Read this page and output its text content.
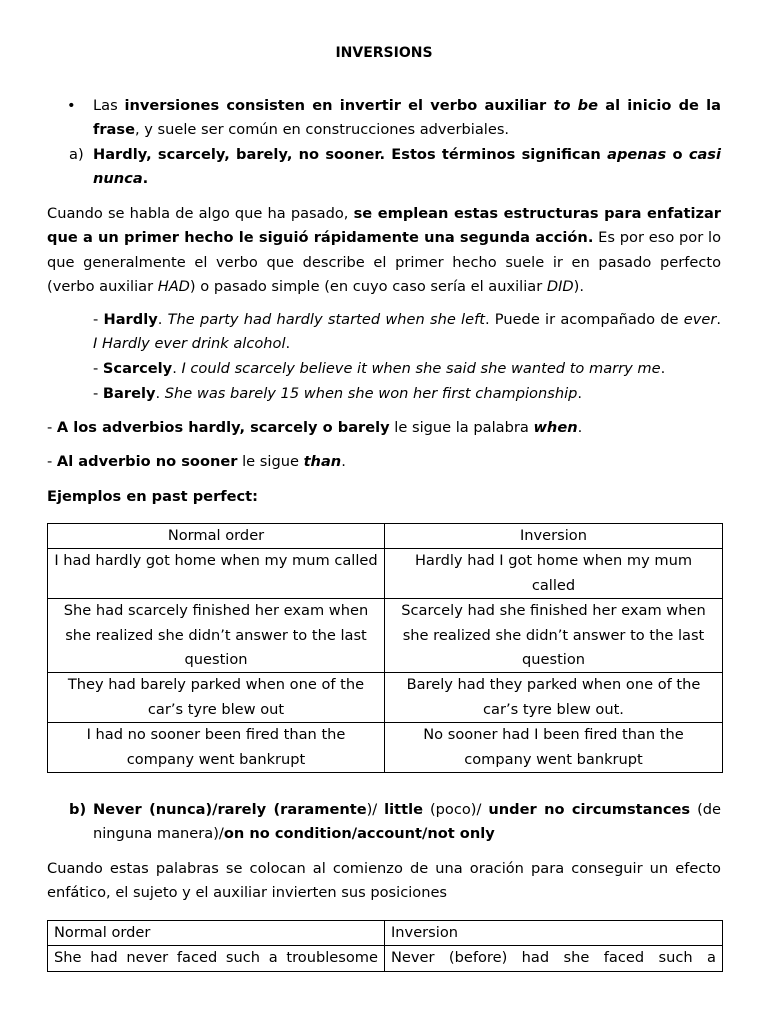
INVERSIONS
• Las inversiones consisten en invertir el verbo auxiliar to be al inicio de la frase, y suele ser común en construcciones adverbiales.
a) Hardly, scarcely, barely, no sooner. Estos términos significan apenas o casi nunca.
Cuando se habla de algo que ha pasado, se emplean estas estructuras para enfatizar que a un primer hecho le siguió rápidamente una segunda acción. Es por eso por lo que generalmente el verbo que describe el primer hecho suele ir en pasado perfecto (verbo auxiliar HAD) o pasado simple (en cuyo caso sería el auxiliar DID).
- Hardly. The party had hardly started when she left. Puede ir acompañado de ever. I Hardly ever drink alcohol.
- Scarcely. I could scarcely believe it when she said she wanted to marry me.
- Barely. She was barely 15 when she won her first championship.
- A los adverbios hardly, scarcely o barely le sigue la palabra when.
- Al adverbio no sooner le sigue than.
Ejemplos en past perfect:
Normal order	Inversion
I had hardly got home when my mum called	Hardly had I got home when my mum called
She had scarcely finished her exam when she realized she didn’t answer to the last question	Scarcely had she finished her exam when she realized she didn’t answer to the last question
They had barely parked when one of the car’s tyre blew out	Barely had they parked when one of the car’s tyre blew out.
I had no sooner been fired than the company went bankrupt	No sooner had I been fired than the company went bankrupt
b) Never (nunca)/rarely (raramente)/ little (poco)/ under no circumstances (de ninguna manera)/on no condition/account/not only
Cuando estas palabras se colocan al comienzo de una oración para conseguir un efecto enfático, el sujeto y el auxiliar invierten sus posiciones
Normal order	Inversion
She had never faced such a troublesome	Never (before) had she faced such a
